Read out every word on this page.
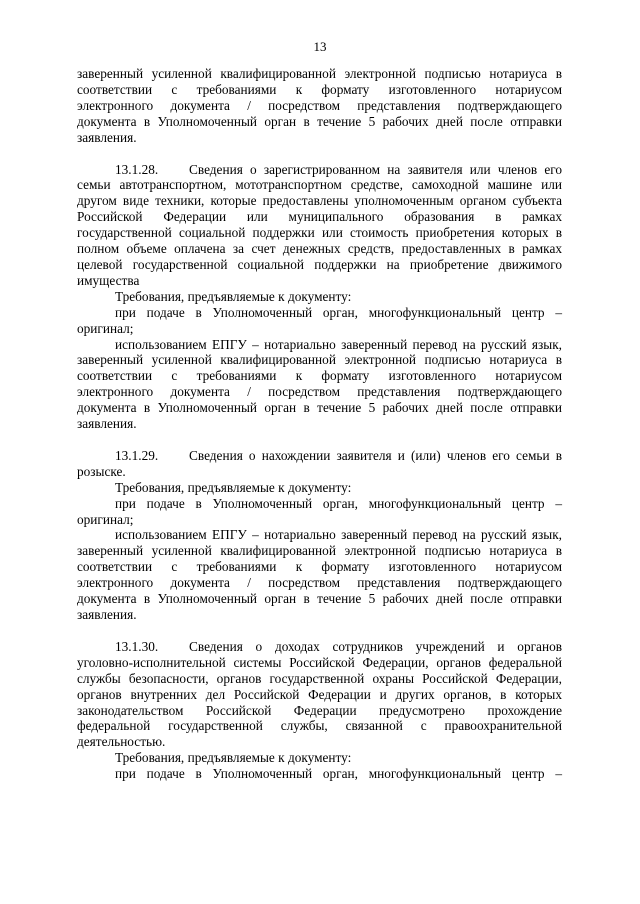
13

заверенный усиленной квалифицированной электронной подписью нотариуса в

соответствии с требованиями к формату изготовленного нотариусом

электронного документа / посредством представления подтверждающего

документа в Уполномоченный орган в течение 5 рабочих дней после отправки

заявления.

13.1.28. Сведения о зарегистрированном на заявителя или членов его

семьи автотранспортном, мототранспортном средстве, самоходной машине или

другом виде техники, которые предоставлены уполномоченным органом субъекта

Российской Федерации или муниципального образования в рамках

государственной социальной поддержки или стоимость приобретения которых в

полном объеме оплачена за счет денежных средств, предоставленных в рамках

целевой государственной социальной поддержки на приобретение движимого

имущества

Требования, предъявляемые к документу:

при подаче в Уполномоченный орган, многофункциональный центр –

оригинал;

использованием ЕПГУ – нотариально заверенный перевод на русский язык,

заверенный усиленной квалифицированной электронной подписью нотариуса в

соответствии с требованиями к формату изготовленного нотариусом

электронного документа / посредством представления подтверждающего

документа в Уполномоченный орган в течение 5 рабочих дней после отправки

заявления.

13.1.29. Сведения о нахождении заявителя и (или) членов его семьи в

розыске.

Требования, предъявляемые к документу:

при подаче в Уполномоченный орган, многофункциональный центр –

оригинал;

использованием ЕПГУ – нотариально заверенный перевод на русский язык,

заверенный усиленной квалифицированной электронной подписью нотариуса в

соответствии с требованиями к формату изготовленного нотариусом

электронного документа / посредством представления подтверждающего

документа в Уполномоченный орган в течение 5 рабочих дней после отправки

заявления.

13.1.30. Сведения о доходах сотрудников учреждений и органов

уголовно-исполнительной системы Российской Федерации, органов федеральной

службы безопасности, органов государственной охраны Российской Федерации,

органов внутренних дел Российской Федерации и других органов, в которых

законодательством Российской Федерации предусмотрено прохождение

федеральной государственной службы, связанной с правоохранительной

деятельностью.

Требования, предъявляемые к документу:

при подаче в Уполномоченный орган, многофункциональный центр –
